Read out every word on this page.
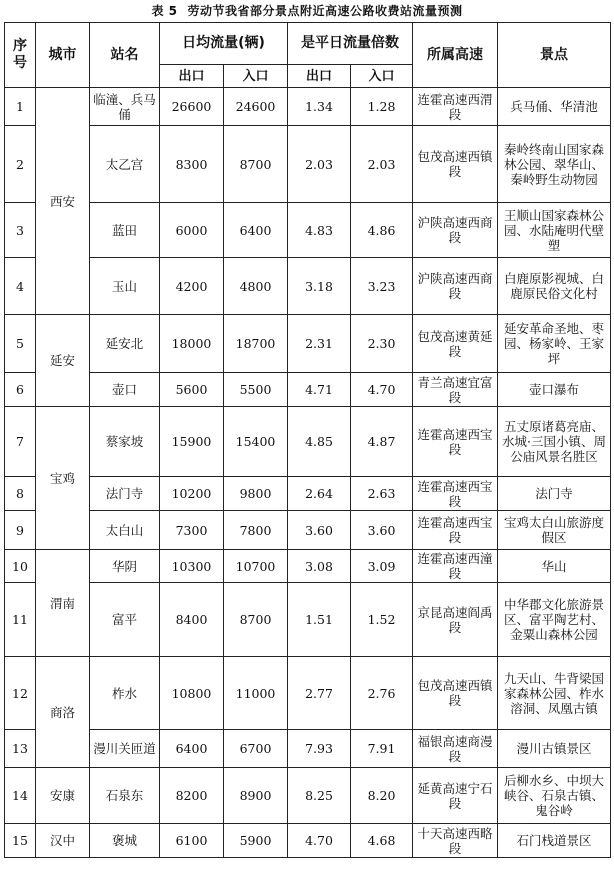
表 5 劳动节我省部分景点附近高速公路收费站流量预测
序号	城市	站名	日均流量(辆)		是平日流量倍数		所属高速	景点
			出口	入口	出口	入口		
1	西安	临潼、兵马俑	26600	24600	1.34	1.28	连霍高速西渭段	兵马俑、华清池
2		太乙宫	8300	8700	2.03	2.03	包茂高速西镇段	秦岭终南山国家森林公园、翠华山、秦岭野生动物园
3		蓝田	6000	6400	4.83	4.86	沪陕高速西商段	王顺山国家森林公园、水陆庵明代壁塑
4		玉山	4200	4800	3.18	3.23	沪陕高速西商段	白鹿原影视城、白鹿原民俗文化村
5	延安	延安北	18000	18700	2.31	2.30	包茂高速黄延段	延安革命圣地、枣园、杨家岭、王家坪
6		壶口	5600	5500	4.71	4.70	青兰高速宜富段	壶口瀑布
7	宝鸡	蔡家坡	15900	15400	4.85	4.87	连霍高速西宝段	五丈原诸葛亮庙、水城·三国小镇、周公庙风景名胜区
8		法门寺	10200	9800	2.64	2.63	连霍高速西宝段	法门寺
9		太白山	7300	7800	3.60	3.60	连霍高速西宝段	宝鸡太白山旅游度假区
10	渭南	华阴	10300	10700	3.08	3.09	连霍高速西潼段	华山
11		富平	8400	8700	1.51	1.52	京昆高速阎禹段	中华郡文化旅游景区、富平陶艺村、金粟山森林公园
12	商洛	柞水	10800	11000	2.77	2.76	包茂高速西镇段	九天山、牛背梁国家森林公园、柞水溶洞、凤凰古镇
13		漫川关匝道	6400	6700	7.93	7.91	福银高速商漫段	漫川古镇景区
14	安康	石泉东	8200	8900	8.25	8.20	延黄高速宁石段	后柳水乡、中坝大峡谷、石泉古镇、鬼谷岭
15	汉中	褒城	6100	5900	4.70	4.68	十天高速西略段	石门栈道景区
